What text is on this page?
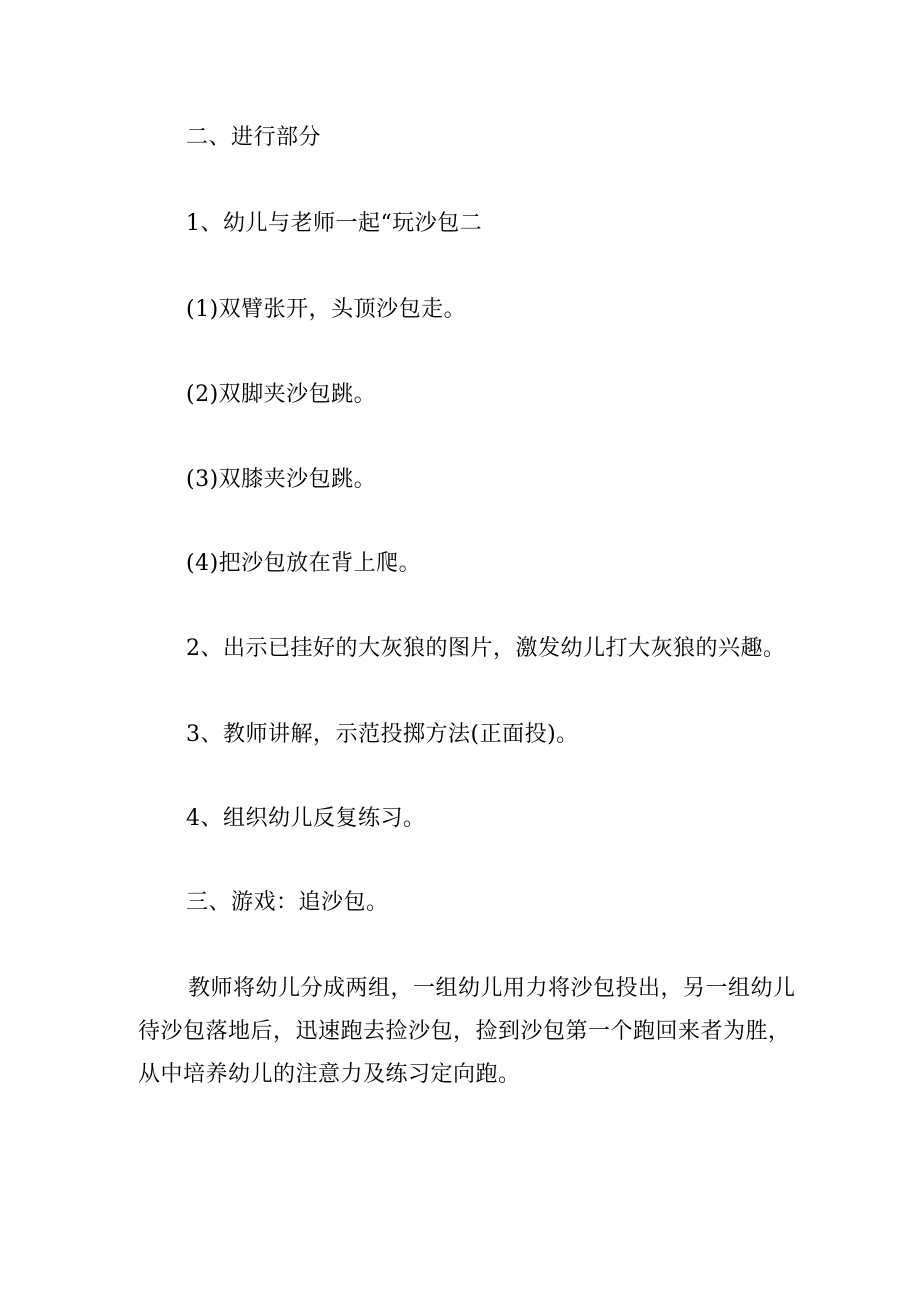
二、进行部分
1、幼儿与老师一起“玩沙包二
(1)双臂张开，头顶沙包走。
(2)双脚夹沙包跳。
(3)双膝夹沙包跳。
(4)把沙包放在背上爬。
2、出示已挂好的大灰狼的图片，激发幼儿打大灰狼的兴趣。
3、教师讲解，示范投掷方法(正面投)。
4、组织幼儿反复练习。
三、游戏：追沙包。
教师将幼儿分成两组，一组幼儿用力将沙包投出，另一组幼儿待沙包落地后，迅速跑去捡沙包，捡到沙包第一个跑回来者为胜，从中培养幼儿的注意力及练习定向跑。
